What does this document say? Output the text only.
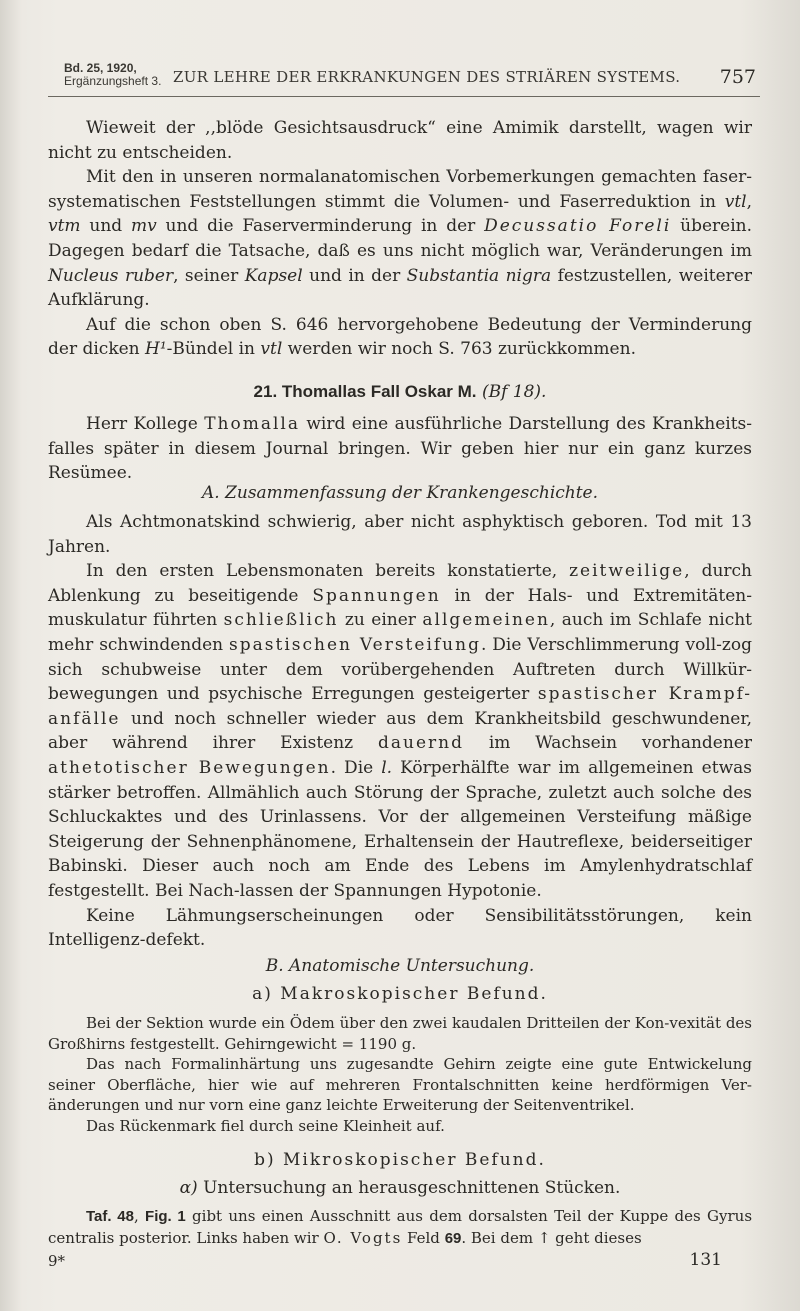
Bd. 25, 1920,
Ergänzungsheft 3. ZUR LEHRE DER ERKRANKUNGEN DES STRIÄREN SYSTEMS. 757

Wieweit der ,,blöde Gesichtsausdruck“ eine Amimik darstellt, wagen wir nicht zu entscheiden.

Mit den in unseren normalanatomischen Vorbemerkungen gemachten faser-systematischen Feststellungen stimmt die Volumen- und Faserreduktion in vtl, vtm und mv und die Faserverminderung in der Decussatio Foreli überein. Dagegen bedarf die Tatsache, daß es uns nicht möglich war, Veränderungen im Nucleus ruber, seiner Kapsel und in der Substantia nigra festzustellen, weiterer Aufklärung.

Auf die schon oben S. 646 hervorgehobene Bedeutung der Verminderung der dicken H¹-Bündel in vtl werden wir noch S. 763 zurückkommen.

21. Thomallas Fall Oskar M. (Bf 18).

Herr Kollege Thomalla wird eine ausführliche Darstellung des Krankheits-falles später in diesem Journal bringen. Wir geben hier nur ein ganz kurzes Resümee.

A. Zusammenfassung der Krankengeschichte.

Als Achtmonatskind schwierig, aber nicht asphyktisch geboren. Tod mit 13 Jahren.

In den ersten Lebensmonaten bereits konstatierte, zeitweilige, durch Ablenkung zu beseitigende Spannungen in der Hals- und Extremitäten-muskulatur führten schließlich zu einer allgemeinen, auch im Schlafe nicht mehr schwindenden spastischen Versteifung. Die Verschlimmerung voll-zog sich schubweise unter dem vorübergehenden Auftreten durch Willkür-bewegungen und psychische Erregungen gesteigerter spastischer Krampf-anfälle und noch schneller wieder aus dem Krankheitsbild geschwundener, aber während ihrer Existenz dauernd im Wachsein vorhandener athetotischer Bewegungen. Die l. Körperhälfte war im allgemeinen etwas stärker betroffen. Allmählich auch Störung der Sprache, zuletzt auch solche des Schluckaktes und des Urinlassens. Vor der allgemeinen Versteifung mäßige Steigerung der Sehnenphänomene, Erhaltensein der Hautreflexe, beiderseitiger Babinski. Dieser auch noch am Ende des Lebens im Amylenhydratschlaf festgestellt. Bei Nach-lassen der Spannungen Hypotonie.

Keine Lähmungserscheinungen oder Sensibilitätsstörungen, kein Intelligenz-defekt.

B. Anatomische Untersuchung.
a) Makroskopischer Befund.

Bei der Sektion wurde ein Ödem über den zwei kaudalen Dritteilen der Kon-vexität des Großhirns festgestellt. Gehirngewicht = 1190 g.

Das nach Formalinhärtung uns zugesandte Gehirn zeigte eine gute Entwickelung seiner Oberfläche, hier wie auf mehreren Frontalschnitten keine herdförmigen Ver-änderungen und nur vorn eine ganz leichte Erweiterung der Seitenventrikel.

Das Rückenmark fiel durch seine Kleinheit auf.

b) Mikroskopischer Befund.
α) Untersuchung an herausgeschnittenen Stücken.

Taf. 48, Fig. 1 gibt uns einen Ausschnitt aus dem dorsalsten Teil der Kuppe des Gyrus centralis posterior. Links haben wir O. Vogts Feld 69. Bei dem ↑ geht dieses

9*	131
